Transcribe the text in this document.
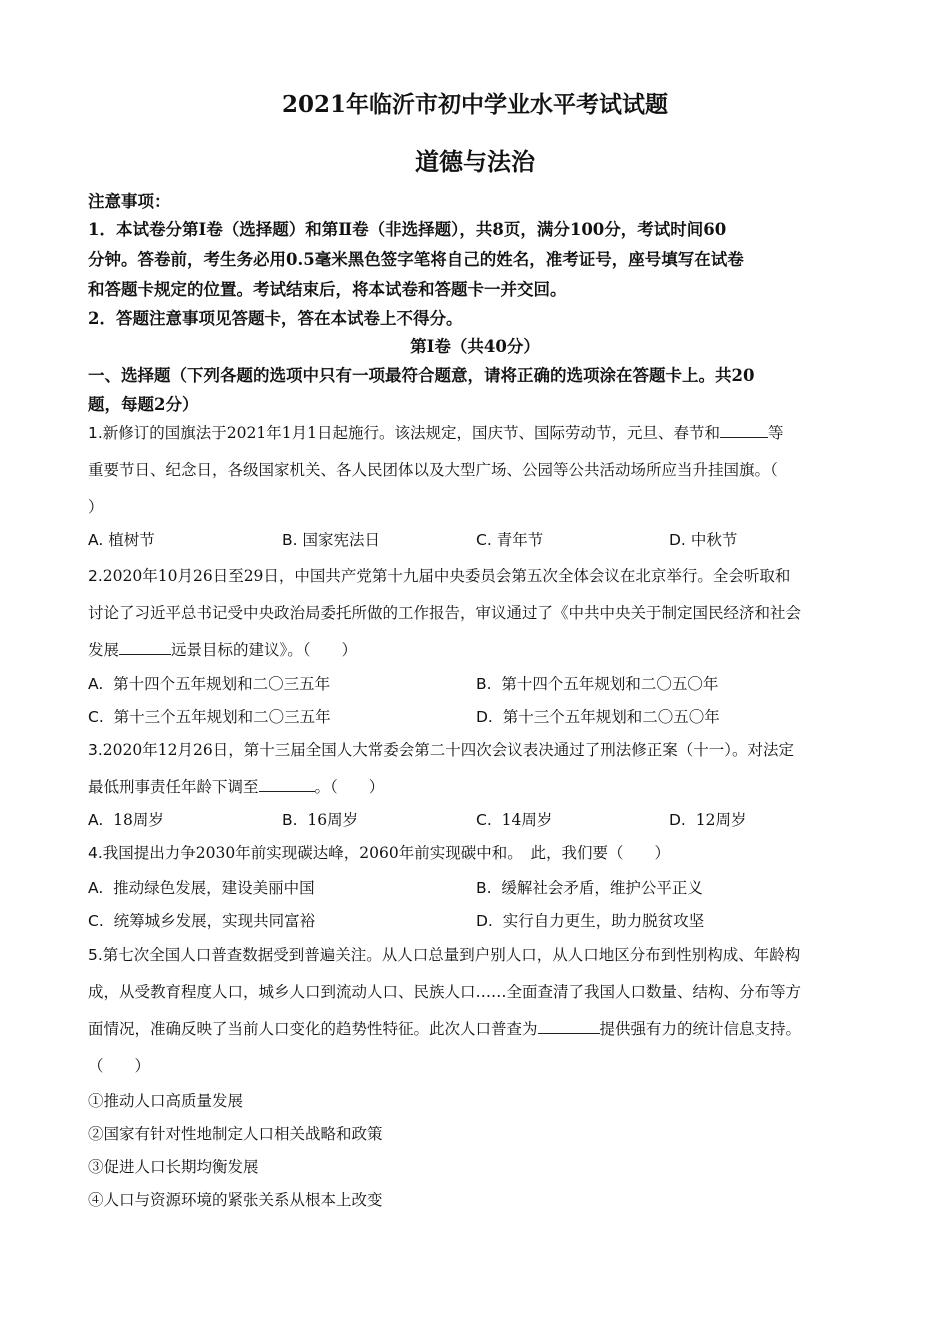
2021年临沂市初中学业水平考试试题
道德与法治
注意事项：
1．本试卷分第Ⅰ卷（选择题）和第Ⅱ卷（非选择题），共8页，满分100分，考试时间60
分钟。答卷前，考生务必用0.5毫米黑色签字笔将自己的姓名，准考证号，座号填写在试卷
和答题卡规定的位置。考试结束后，将本试卷和答题卡一并交回。
2．答题注意事项见答题卡，答在本试卷上不得分。
第Ⅰ卷（共40分）
一、选择题（下列各题的选项中只有一项最符合题意，请将正确的选项涂在答题卡上。共20
题，每题2分）
1.新修订的国旗法于2021年1月1日起施行。该法规定，国庆节、国际劳动节，元旦、春节和	等
重要节日、纪念日，各级国家机关、各人民团体以及大型广场、公园等公共活动场所应当升挂国旗。（
）
A. 植树节	B. 国家宪法日	C. 青年节	D. 中秋节
2.2020年10月26日至29日，中国共产党第十九届中央委员会第五次全体会议在北京举行。全会听取和
讨论了习近平总书记受中央政治局委托所做的工作报告，审议通过了《中共中央关于制定国民经济和社会
发展	远景目标的建议》。（　　）
A. 第十四个五年规划和二〇三五年	B. 第十四个五年规划和二〇五〇年
C. 第十三个五年规划和二〇三五年	D. 第十三个五年规划和二〇五〇年
3.2020年12月26日，第十三届全国人大常委会第二十四次会议表决通过了刑法修正案（十一）。对法定
最低刑事责任年龄下调至	。（　　）
A. 18周岁	B. 16周岁	C. 14周岁	D. 12周岁
4.我国提出力争2030年前实现碳达峰，2060年前实现碳中和。　此，我们要（　　）
A. 推动绿色发展，建设美丽中国	B. 缓解社会矛盾，维护公平正义
C. 统筹城乡发展，实现共同富裕	D. 实行自力更生，助力脱贫攻坚
5.第七次全国人口普查数据受到普遍关注。从人口总量到户别人口，从人口地区分布到性别构成、年龄构
成，从受教育程度人口，城乡人口到流动人口、民族人口……全面查清了我国人口数量、结构、分布等方
面情况，准确反映了当前人口变化的趋势性特征。此次人口普查为	提供强有力的统计信息支持。
（　　）
①推动人口高质量发展
②国家有针对性地制定人口相关战略和政策
③促进人口长期均衡发展
④人口与资源环境的紧张关系从根本上改变
